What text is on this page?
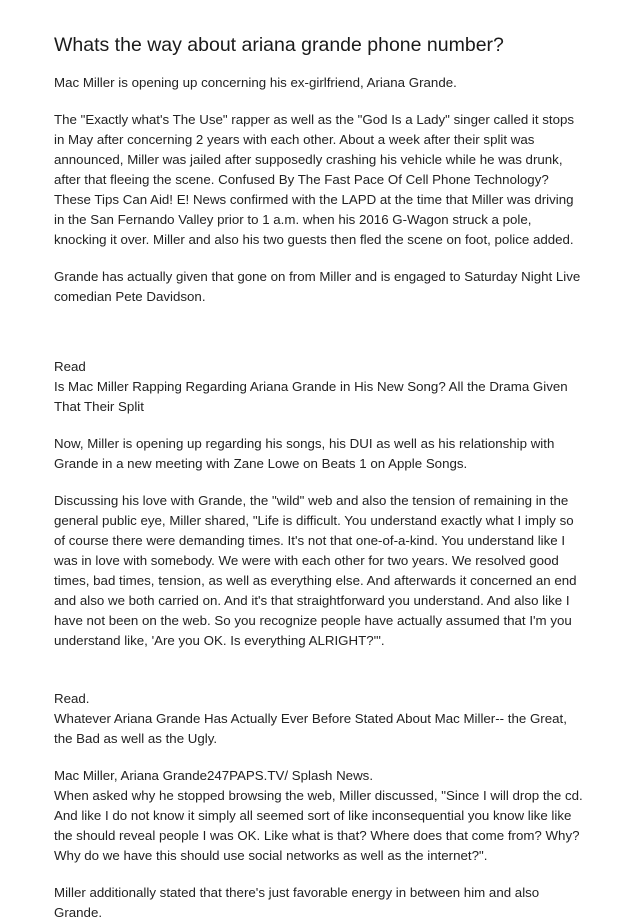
Whats the way about ariana grande phone number?

Mac Miller is opening up concerning his ex-girlfriend, Ariana Grande.

The "Exactly what's The Use" rapper as well as the "God Is a Lady" singer called it stops in May after concerning 2 years with each other. About a week after their split was announced, Miller was jailed after supposedly crashing his vehicle while he was drunk, after that fleeing the scene. Confused By The Fast Pace Of Cell Phone Technology? These Tips Can Aid! E! News confirmed with the LAPD at the time that Miller was driving in the San Fernando Valley prior to 1 a.m. when his 2016 G-Wagon struck a pole, knocking it over. Miller and also his two guests then fled the scene on foot, police added.

Grande has actually given that gone on from Miller and is engaged to Saturday Night Live comedian Pete Davidson.

Read

Is Mac Miller Rapping Regarding Ariana Grande in His New Song? All the Drama Given That Their Split

Now, Miller is opening up regarding his songs, his DUI as well as his relationship with Grande in a new meeting with Zane Lowe on Beats 1 on Apple Songs.

Discussing his love with Grande, the "wild" web and also the tension of remaining in the general public eye, Miller shared, "Life is difficult. You understand exactly what I imply so of course there were demanding times. It's not that one-of-a-kind. You understand like I was in love with somebody. We were with each other for two years. We resolved good times, bad times, tension, as well as everything else. And afterwards it concerned an end and also we both carried on. And it's that straightforward you understand. And also like I have not been on the web. So you recognize people have actually assumed that I'm you understand like, 'Are you OK. Is everything ALRIGHT?'".

Read.

Whatever Ariana Grande Has Actually Ever Before Stated About Mac Miller-- the Great, the Bad as well as the Ugly.

Mac Miller, Ariana Grande247PAPS.TV/ Splash News.

When asked why he stopped browsing the web, Miller discussed, "Since I will drop the cd. And like I do not know it simply all seemed sort of like inconsequential you know like like the should reveal people I was OK. Like what is that? Where does that come from? Why? Why do we have this should use social networks as well as the internet?".

Miller additionally stated that there's just favorable energy in between him and also Grande.
